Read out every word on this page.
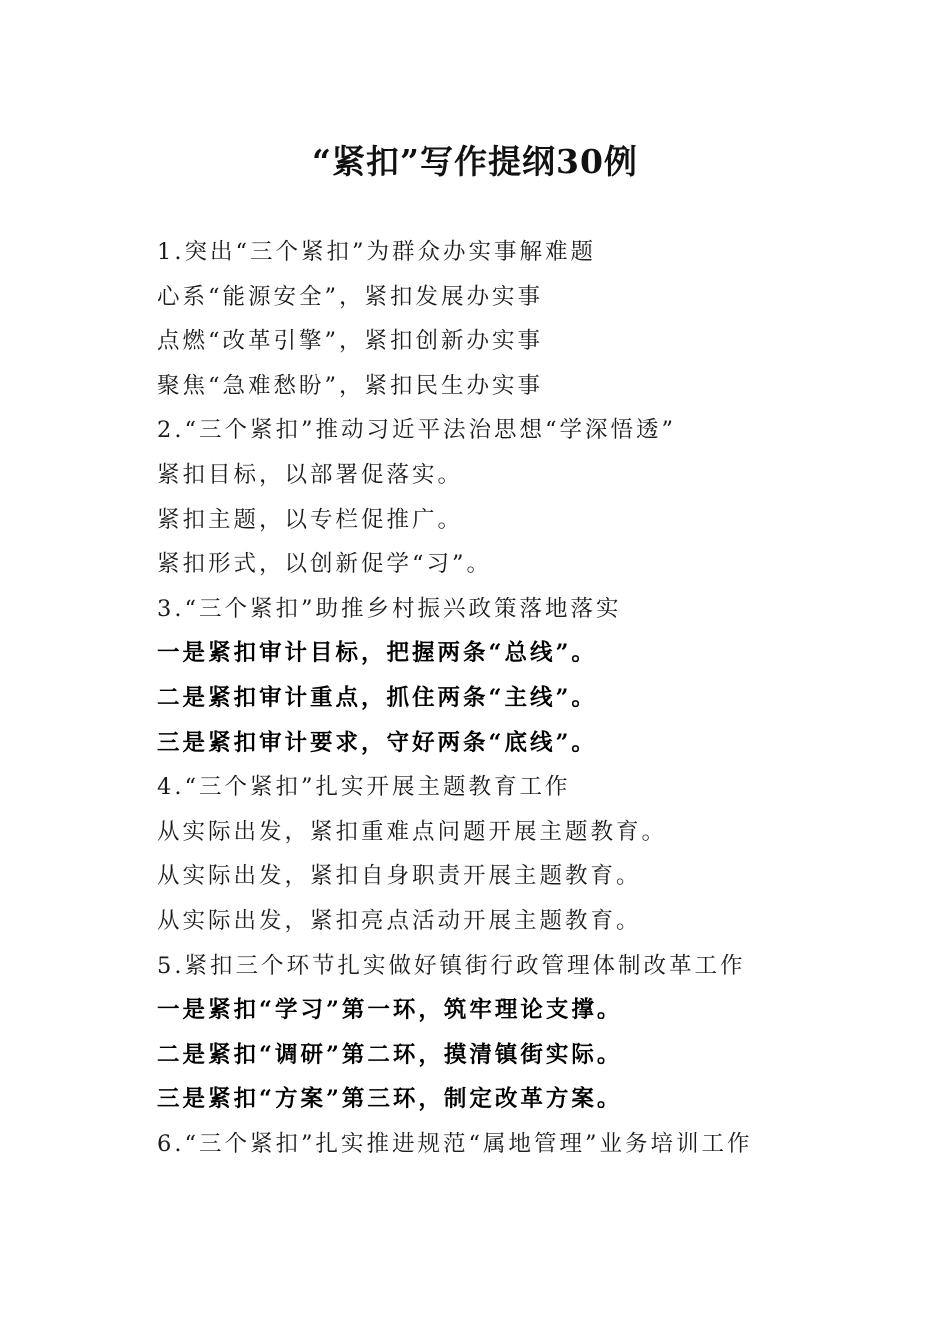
“紧扣”写作提纲30例
1.突出“三个紧扣”为群众办实事解难题
心系“能源安全”，紧扣发展办实事
点燃“改革引擎”，紧扣创新办实事
聚焦“急难愁盼”，紧扣民生办实事
2.“三个紧扣”推动习近平法治思想“学深悟透”
紧扣目标，以部署促落实。
紧扣主题，以专栏促推广。
紧扣形式，以创新促学“习”。
3.“三个紧扣”助推乡村振兴政策落地落实
一是紧扣审计目标，把握两条“总线”。
二是紧扣审计重点，抓住两条“主线”。
三是紧扣审计要求，守好两条“底线”。
4.“三个紧扣”扎实开展主题教育工作
从实际出发，紧扣重难点问题开展主题教育。
从实际出发，紧扣自身职责开展主题教育。
从实际出发，紧扣亮点活动开展主题教育。
5.紧扣三个环节扎实做好镇街行政管理体制改革工作
一是紧扣“学习”第一环，筑牢理论支撑。
二是紧扣“调研”第二环，摸清镇街实际。
三是紧扣“方案”第三环，制定改革方案。
6.“三个紧扣”扎实推进规范“属地管理”业务培训工作
